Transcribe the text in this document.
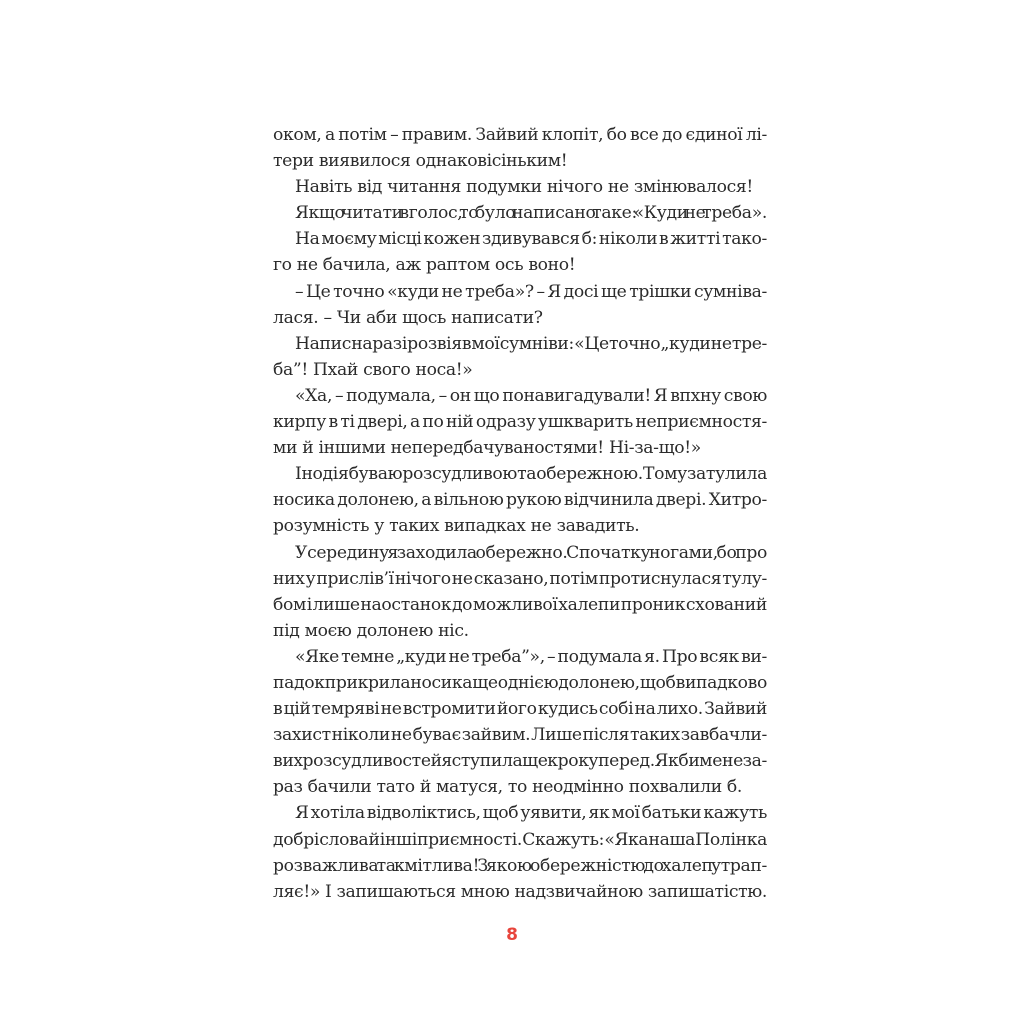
оком, а потім – правим. Зайвий клопіт, бо все до єдиної лі-
тери виявилося однаковісіньким!
Навіть від читання подумки нічого не змінювалося!
Якщо читати вголос, то було написано таке: «Куди не треба».
На моєму місці кожен здивувався б: ніколи в житті тако-
го не бачила, аж раптом ось воно!
– Це точно «куди не треба»? – Я досі ще трішки сумніва-
лася. – Чи аби щось написати?
Напис наразі розвіяв мої сумніви: «Це точно „куди не тре-
ба”! Пхай свого носа!»
«Ха, – подумала, – он що понавигадували! Я впхну свою
кирпу в ті двері, а по ній одразу ушкварить неприємностя-
ми й іншими непередбачуваностями! Ні-за-що!»
Іноді я буваю розсудливою та обережною. Тому затулила
носика долонею, а вільною рукою відчинила двері. Хитро-
розумність у таких випадках не завадить.
Усередину я заходила обережно. Спочатку ногами, бо про
них у прислів’ї нічого не сказано, потім протиснулася тулу-
бом і лише наостанок до можливої халепи проник схований
під моєю долонею ніс.
«Яке темне „куди не треба”», – подумала я. Про всяк ви-
падок прикрила носика ще однією долонею, щоб випадково
в цій темряві не встромити його кудись собі на лихо. Зайвий
захист ніколи не буває зайвим. Лише після таких завбачли-
вих розсудливостей я ступила ще крок уперед. Якби мене за-
раз бачили тато й матуся, то неодмінно похвалили б.
Я хотіла відволіктись, щоб уявити, як мої батьки кажуть
добрі слова й інші приємності. Скажуть: «Яка наша Полінка
розважлива та кмітлива! З якою обережністю до халеп утрап-
ляє!» І запишаються мною надзвичайною запишатістю.
8
